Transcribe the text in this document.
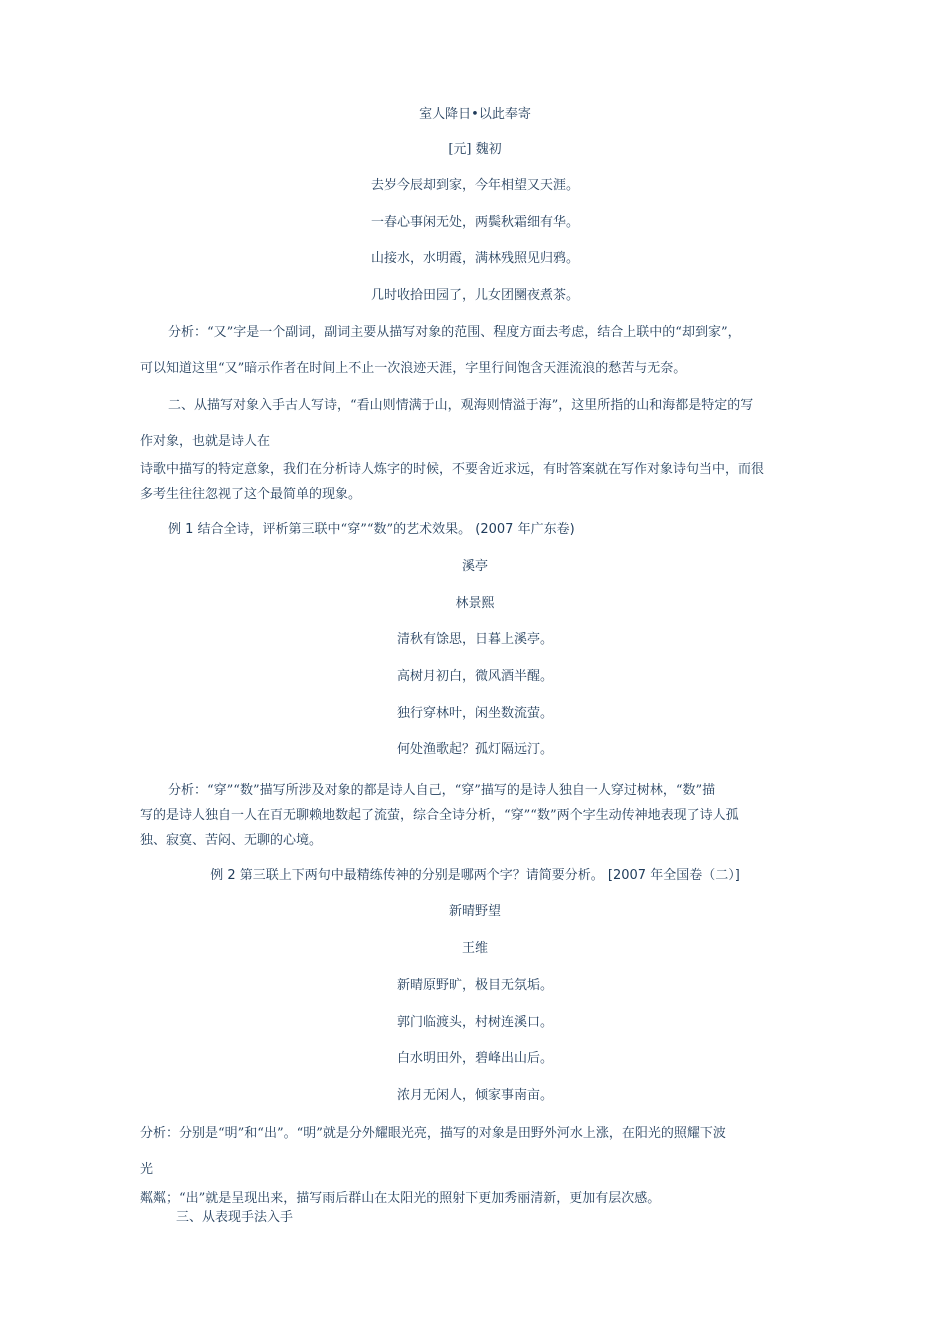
室人降日•以此奉寄
[元] 魏初
去岁今辰却到家，今年相望又天涯。
一春心事闲无处，两鬓秋霜细有华。
山接水，水明霞，满林残照见归鸦。
几时收拾田园了，儿女团圞夜煮茶。
分析：“又”字是一个副词，副词主要从描写对象的范围、程度方面去考虑，结合上联中的“却到家”，
可以知道这里“又”暗示作者在时间上不止一次浪迹天涯，字里行间饱含天涯流浪的愁苦与无奈。
二、从描写对象入手古人写诗，“看山则情满于山，观海则情溢于海”，这里所指的山和海都是特定的写
作对象，也就是诗人在
诗歌中描写的特定意象，我们在分析诗人炼字的时候，不要舍近求远，有时答案就在写作对象诗句当中，而很
多考生往往忽视了这个最简单的现象。
例 1 结合全诗，评析第三联中“穿”“数”的艺术效果。 (2007 年广东卷)
溪亭
林景熙
清秋有馀思，日暮上溪亭。
高树月初白，微风酒半醒。
独行穿林叶，闲坐数流萤。
何处渔歌起？孤灯隔远汀。
分析：“穿”“数”描写所涉及对象的都是诗人自己，“穿”描写的是诗人独自一人穿过树林，“数”描
写的是诗人独自一人在百无聊赖地数起了流萤，综合全诗分析，“穿”“数”两个字生动传神地表现了诗人孤
独、寂寞、苦闷、无聊的心境。
例 2 第三联上下两句中最精练传神的分别是哪两个字？请简要分析。 [2007 年全国卷（二）]
新晴野望
王维
新晴原野旷，极目无氛垢。
郭门临渡头，村树连溪口。
白水明田外，碧峰出山后。
浓月无闲人，倾家事南亩。
分析：分别是“明”和“出”。“明”就是分外耀眼光亮，描写的对象是田野外河水上涨，在阳光的照耀下波
光
粼粼；“出”就是呈现出来，描写雨后群山在太阳光的照射下更加秀丽清新，更加有层次感。
三、从表现手法入手
